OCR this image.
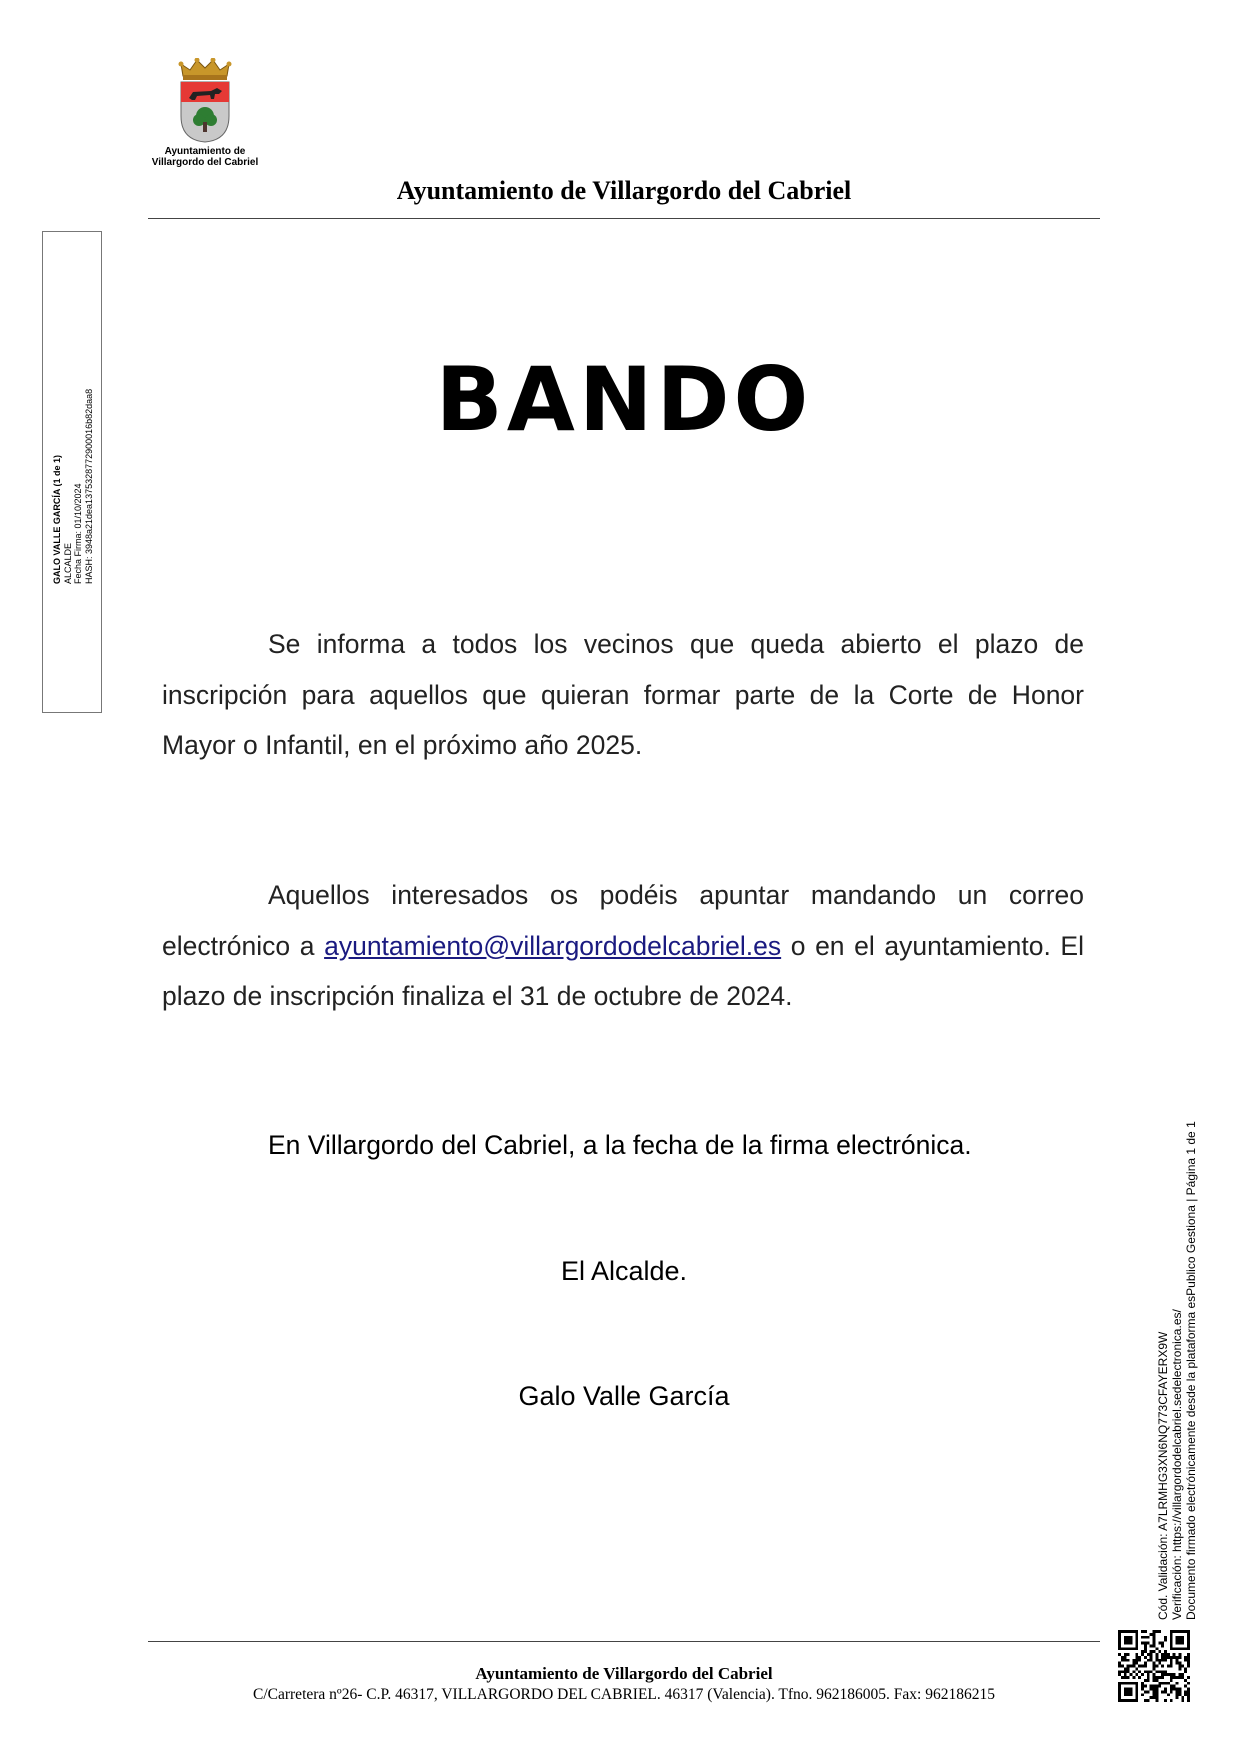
Ayuntamiento de
Villargordo del Cabriel
Ayuntamiento de Villargordo del Cabriel
GALO VALLE GARCÍA (1 de 1) ALCALDE Fecha Firma: 01/10/2024 HASH: 3948a21dea1375328772900016b82daa8	BANDO

Se informa a todos los vecinos que queda abierto el plazo de inscripción para aquellos que quieran formar parte de la Corte de Honor Mayor o Infantil, en el próximo año 2025.

Aquellos interesados os podéis apuntar mandando un correo electrónico a ayuntamiento@villargordodelcabriel.es o en el ayuntamiento. El plazo de inscripción finaliza el 31 de octubre de 2024.

En Villargordo del Cabriel, a la fecha de la firma electrónica.
El Alcalde.
Galo Valle García	Cód. Validación: A7LRMHG3XN6NQ773CFAYERX9W Verificación: https://villargordodelcabriel.sedelectronica.es/ Documento firmado electrónicamente desde la plataforma esPublico Gestiona | Página 1 de 1
Ayuntamiento de Villargordo del Cabriel
C/Carretera nº26- C.P. 46317, VILLARGORDO DEL CABRIEL. 46317 (Valencia). Tfno. 962186005. Fax: 962186215
